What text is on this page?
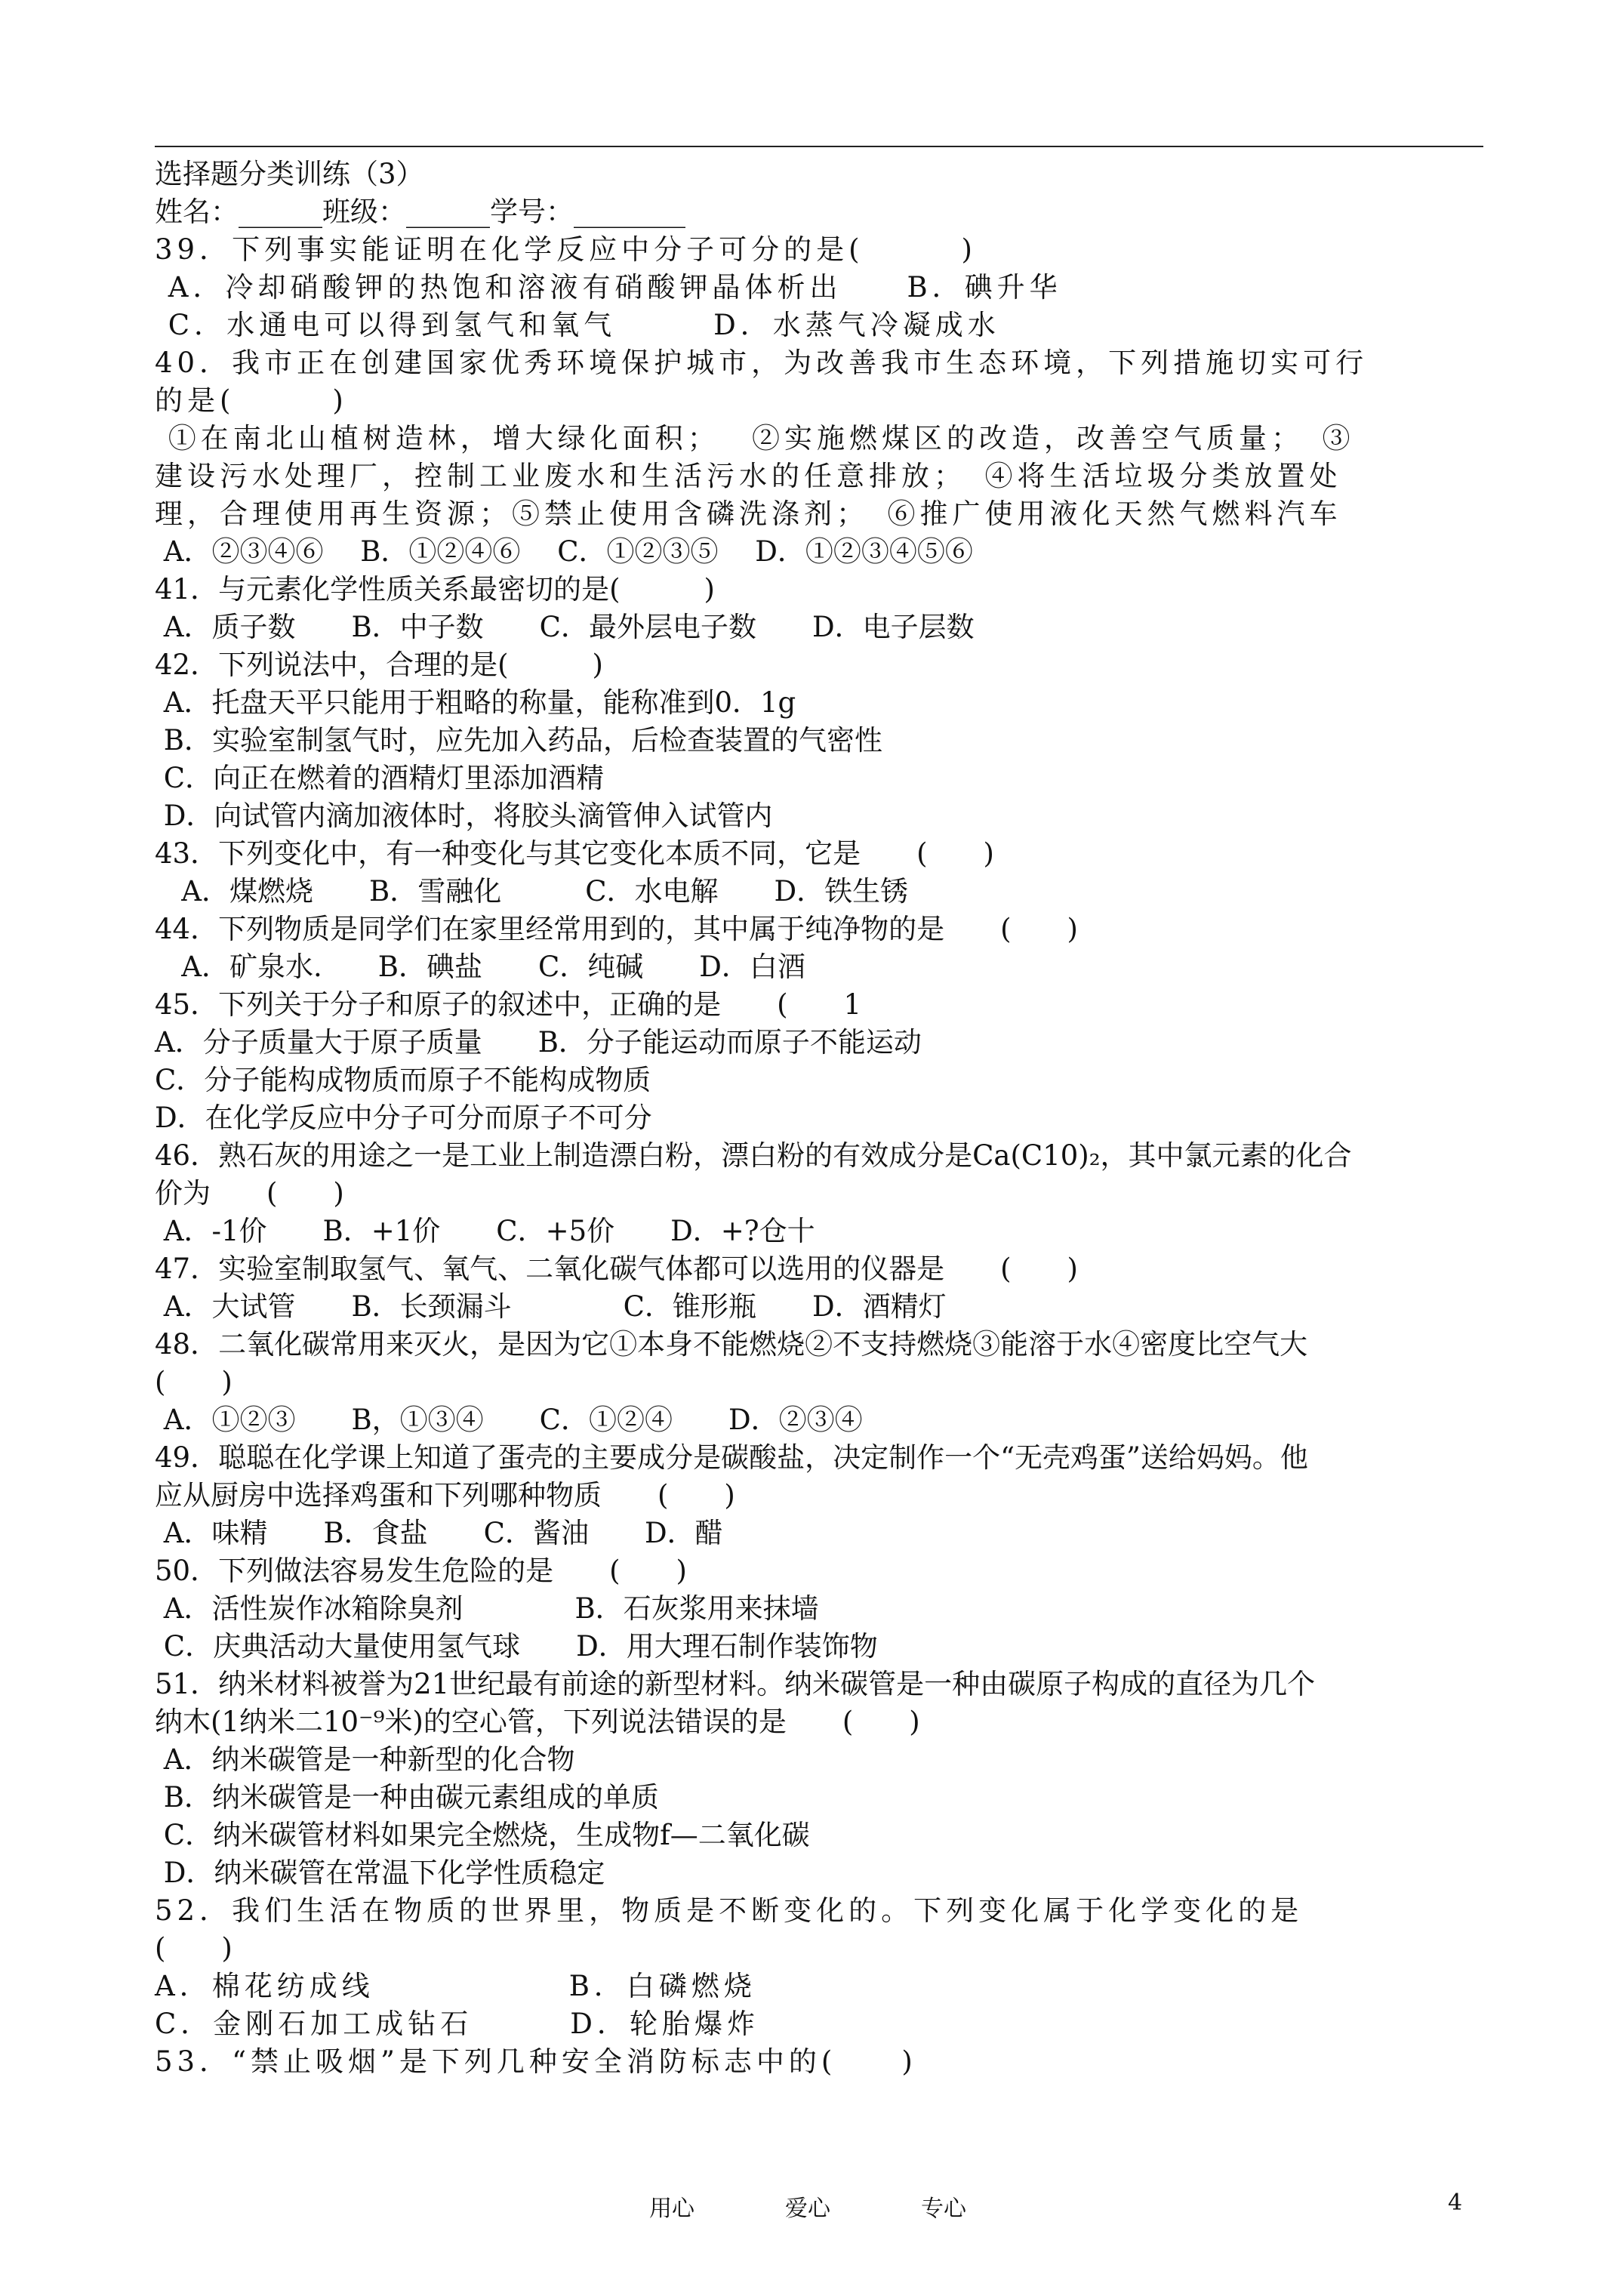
选择题分类训练（3）
姓名：______班级：______学号：________
39．下列事实能证明在化学反应中分子可分的是(　　　)
A．冷却硝酸钾的热饱和溶液有硝酸钾晶体析出　　B．碘升华
C．水通电可以得到氢气和氧气　　　D．水蒸气冷凝成水
40．我市正在创建国家优秀环境保护城市，为改善我市生态环境，下列措施切实可行
的是(　　　)
①在南北山植树造林，增大绿化面积；　 ②实施燃煤区的改造，改善空气质量；　③
建设污水处理厂，控制工业废水和生活污水的任意排放；　④将生活垃圾分类放置处
理，合理使用再生资源；⑤禁止使用含磷洗涤剂；　⑥推广使用液化天然气燃料汽车
A．②③④⑥　 B．①②④⑥　 C．①②③⑤　 D．①②③④⑤⑥
41．与元素化学性质关系最密切的是(　　　)
A．质子数　　B．中子数　　C．最外层电子数　　D．电子层数
42．下列说法中，合理的是(　　　)
A．托盘天平只能用于粗略的称量，能称准到0．1g
B．实验室制氢气时，应先加入药品，后检查装置的气密性
C．向正在燃着的酒精灯里添加酒精
D．向试管内滴加液体时，将胶头滴管伸入试管内
43．下列变化中，有一种变化与其它变化本质不同，它是　　(　　)
A．煤燃烧　　B．雪融化　　　C．水电解　　D．铁生锈
44．下列物质是同学们在家里经常用到的，其中属于纯净物的是　　(　　)
A．矿泉水.　　B．碘盐　　C．纯碱　　D．白酒
45．下列关于分子和原子的叙述中，正确的是　　(　　1
A．分子质量大于原子质量　　B．分子能运动而原子不能运动
C．分子能构成物质而原子不能构成物质
D．在化学反应中分子可分而原子不可分
46．熟石灰的用途之一是工业上制造漂白粉，漂白粉的有效成分是Ca(C10)₂，其中氯元素的化合
价为　　(　　)
A．-1价　　B．+1价　　C．+5价　　D．+?仓十
47．实验室制取氢气、氧气、二氧化碳气体都可以选用的仪器是　　(　　)
A．大试管　　B．长颈漏斗　　　　C．锥形瓶　　D．酒精灯
48．二氧化碳常用来灭火，是因为它①本身不能燃烧②不支持燃烧③能溶于水④密度比空气大
(　　)
A．①②③　　B，①③④　　C．①②④　　D．②③④
49．聪聪在化学课上知道了蛋壳的主要成分是碳酸盐，决定制作一个“无壳鸡蛋”送给妈妈。他
应从厨房中选择鸡蛋和下列哪种物质　　(　　)
A．味精　　B．食盐　　C．酱油　　D．醋
50．下列做法容易发生危险的是　　(　　)
A．活性炭作冰箱除臭剂　　　　B．石灰浆用来抹墙
C．庆典活动大量使用氢气球　　D．用大理石制作装饰物
51．纳米材料被誉为21世纪最有前途的新型材料。纳米碳管是一种由碳原子构成的直径为几个
纳木(1纳米二10⁻⁹米)的空心管，下列说法错误的是　　(　　)
A．纳米碳管是一种新型的化合物
B．纳米碳管是一种由碳元素组成的单质
C．纳米碳管材料如果完全燃烧，生成物f—二氧化碳
D．纳米碳管在常温下化学性质稳定
52．我们生活在物质的世界里，物质是不断变化的。下列变化属于化学变化的是
(　　)
A．棉花纺成线　　　　　　B．白磷燃烧
C．金刚石加工成钻石　　　D．轮胎爆炸
53．“禁止吸烟”是下列几种安全消防标志中的(　　)
用心	爱心	专心	4
